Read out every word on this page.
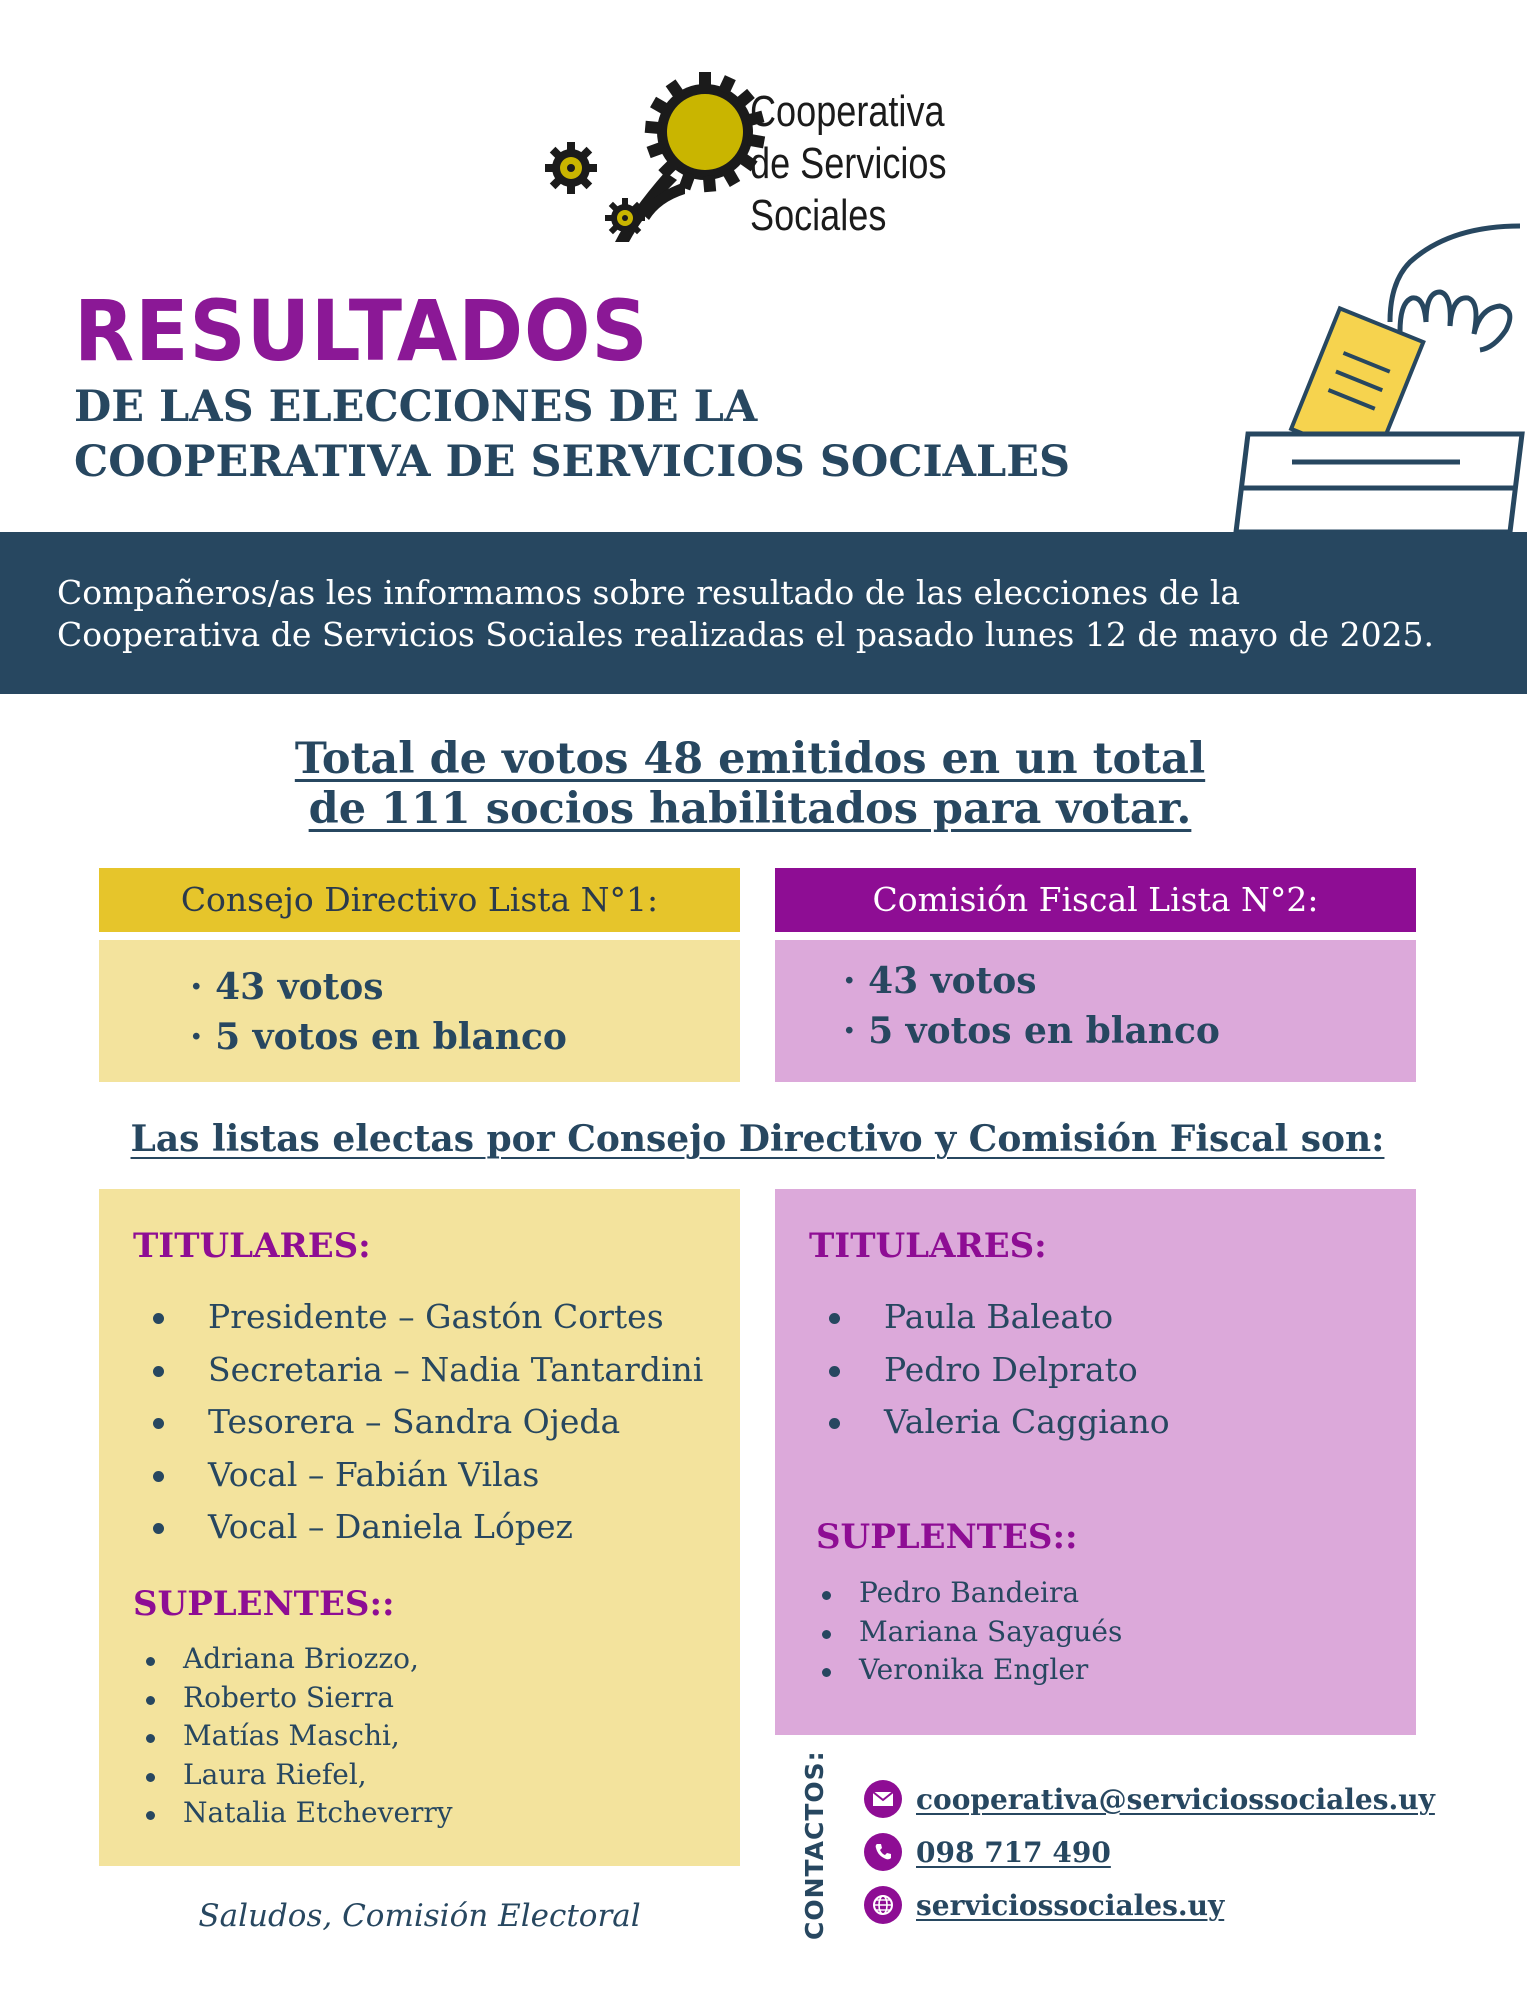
Cooperativa
de Servicios
Sociales
RESULTADOS
DE LAS ELECCIONES DE LA
COOPERATIVA DE SERVICIOS SOCIALES
Compañeros/as les informamos sobre resultado de las elecciones de la
Cooperativa de Servicios Sociales realizadas el pasado lunes 12 de mayo de 2025.
Total de votos 48 emitidos en un total
de 111 socios habilitados para votar.
Consejo Directivo Lista N°1:
· 43 votos
· 5 votos en blanco
Comisión Fiscal Lista N°2:
· 43 votos
· 5 votos en blanco
Las listas electas por Consejo Directivo y Comisión Fiscal son:
TITULARES:
Presidente – Gastón Cortes
Secretaria – Nadia Tantardini
Tesorera – Sandra Ojeda
Vocal – Fabián Vilas
Vocal – Daniela López
SUPLENTES::
Adriana Briozzo,
Roberto Sierra
Matías Maschi,
Laura Riefel,
Natalia Etcheverry
TITULARES:
Paula Baleato
Pedro Delprato
Valeria Caggiano
SUPLENTES::
Pedro Bandeira
Mariana Sayagués
Veronika Engler
Saludos, Comisión Electoral	CONTACTOS:	cooperativa@serviciossociales.uy
098 717 490
serviciossociales.uy
